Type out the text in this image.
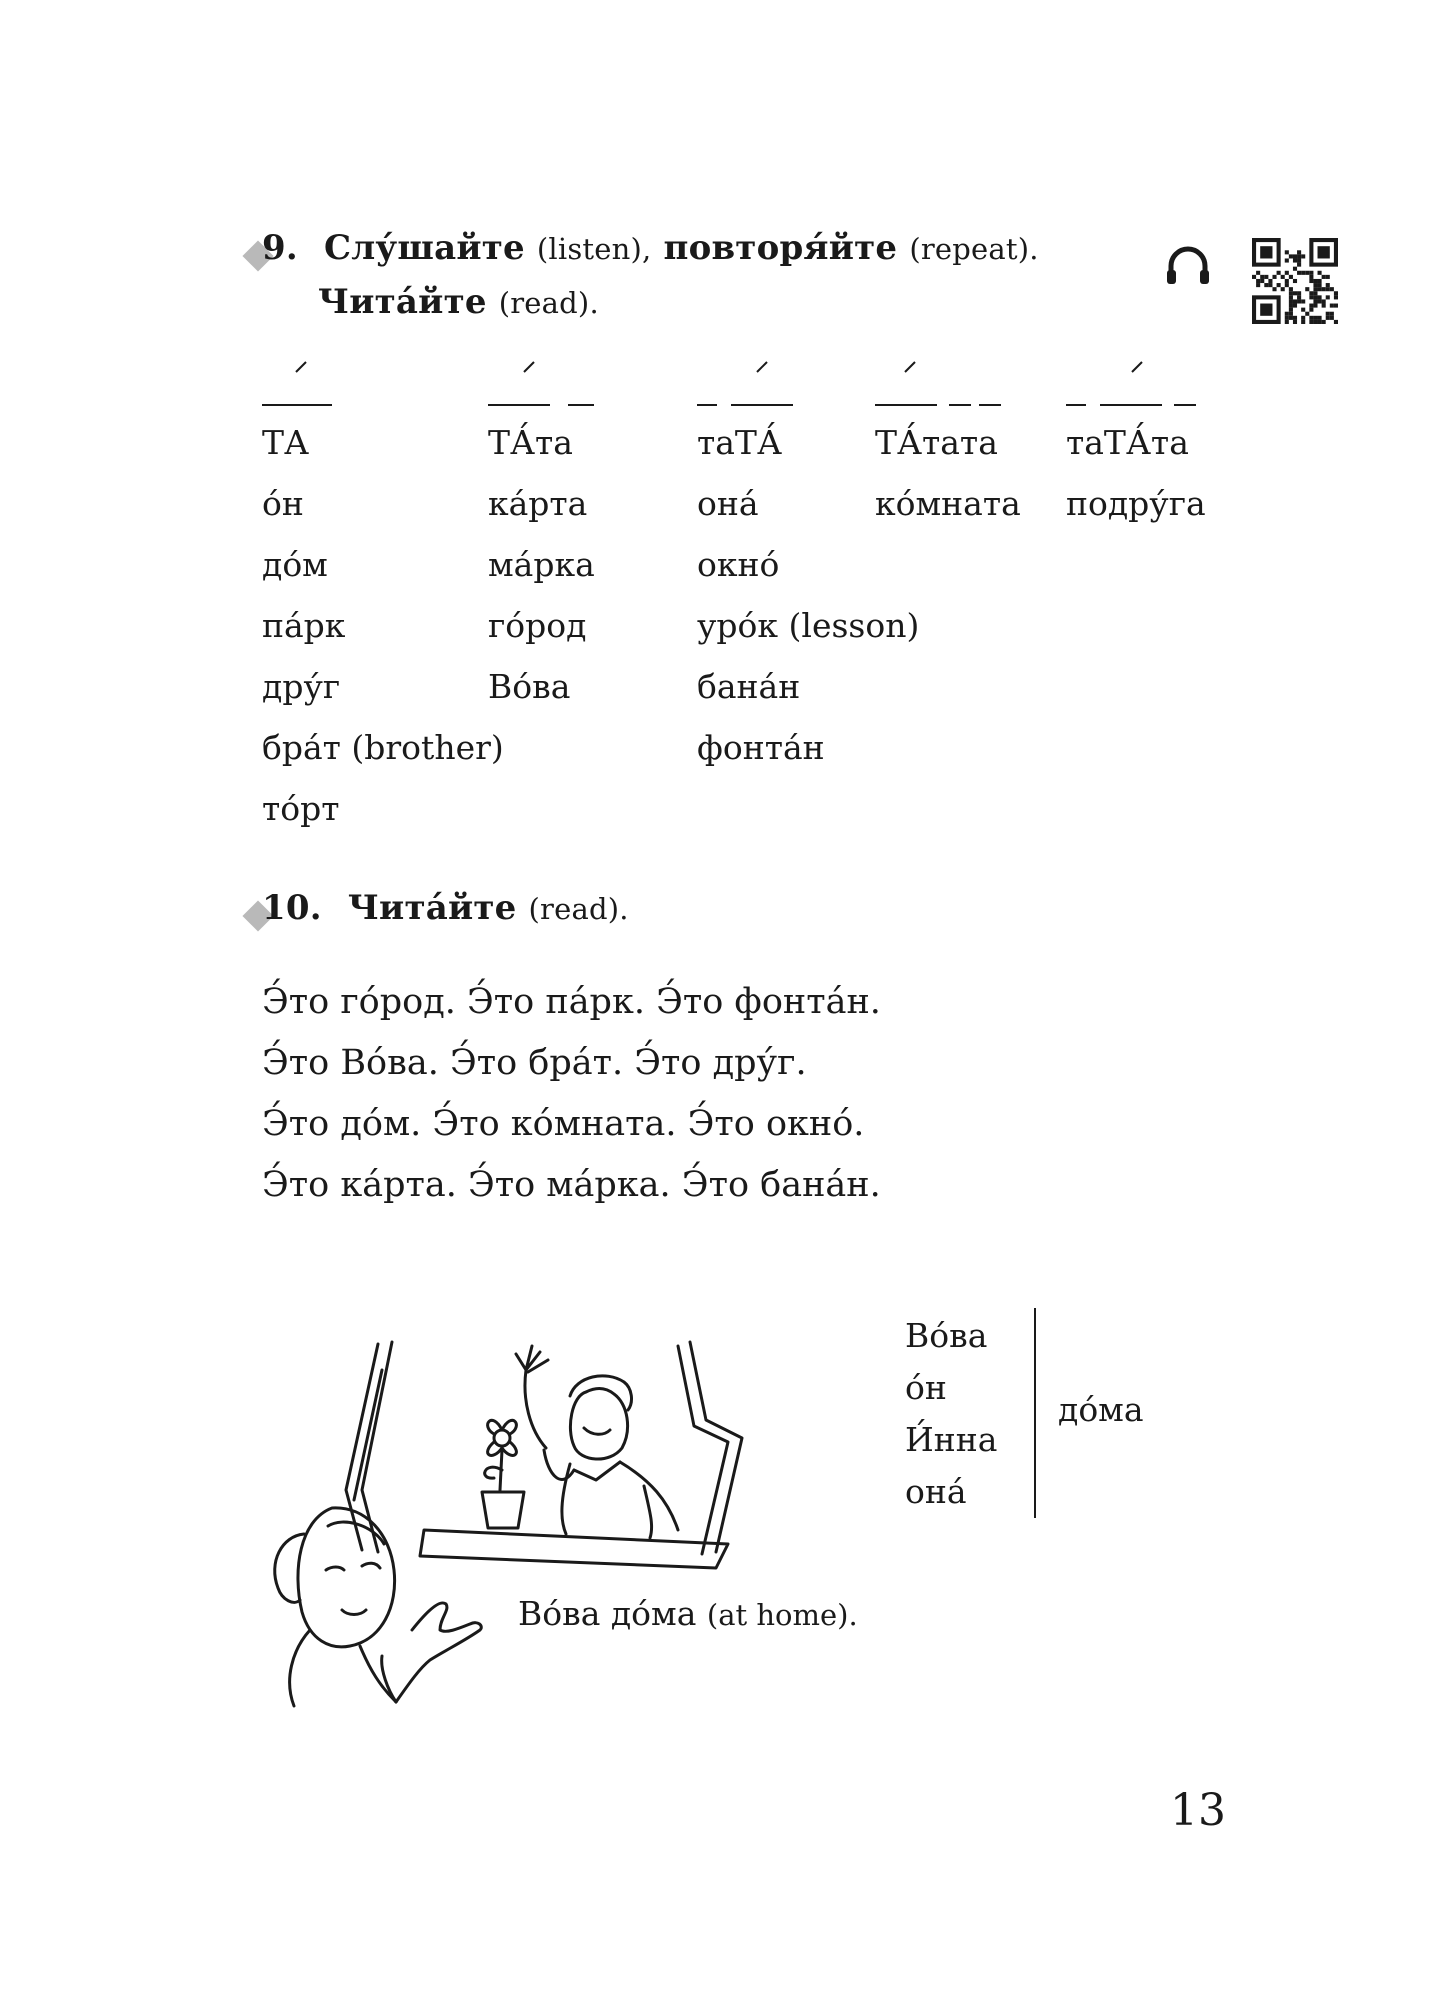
9. Слу́шайте (listen), повторя́йте (repeat).
Чита́йте (read).
ТА
о́н
до́м
па́рк
дру́г
бра́т (brother)
то́рт
ТА́та
ка́рта
ма́рка
го́род
Во́ва
таТА́
она́
окно́
уро́к (lesson)
бана́н
фонта́н
ТА́тата
ко́мната
таТА́та
подру́га
10. Чита́йте (read).
Э́то го́род. Э́то па́рк. Э́то фонта́н.
Э́то Во́ва. Э́то бра́т. Э́то дру́г.
Э́то до́м. Э́то ко́мната. Э́то окно́.
Э́то ка́рта. Э́то ма́рка. Э́то бана́н.
Во́ва
о́н
И́нна
она́
до́ма
Во́ва до́ма (at home).
13
